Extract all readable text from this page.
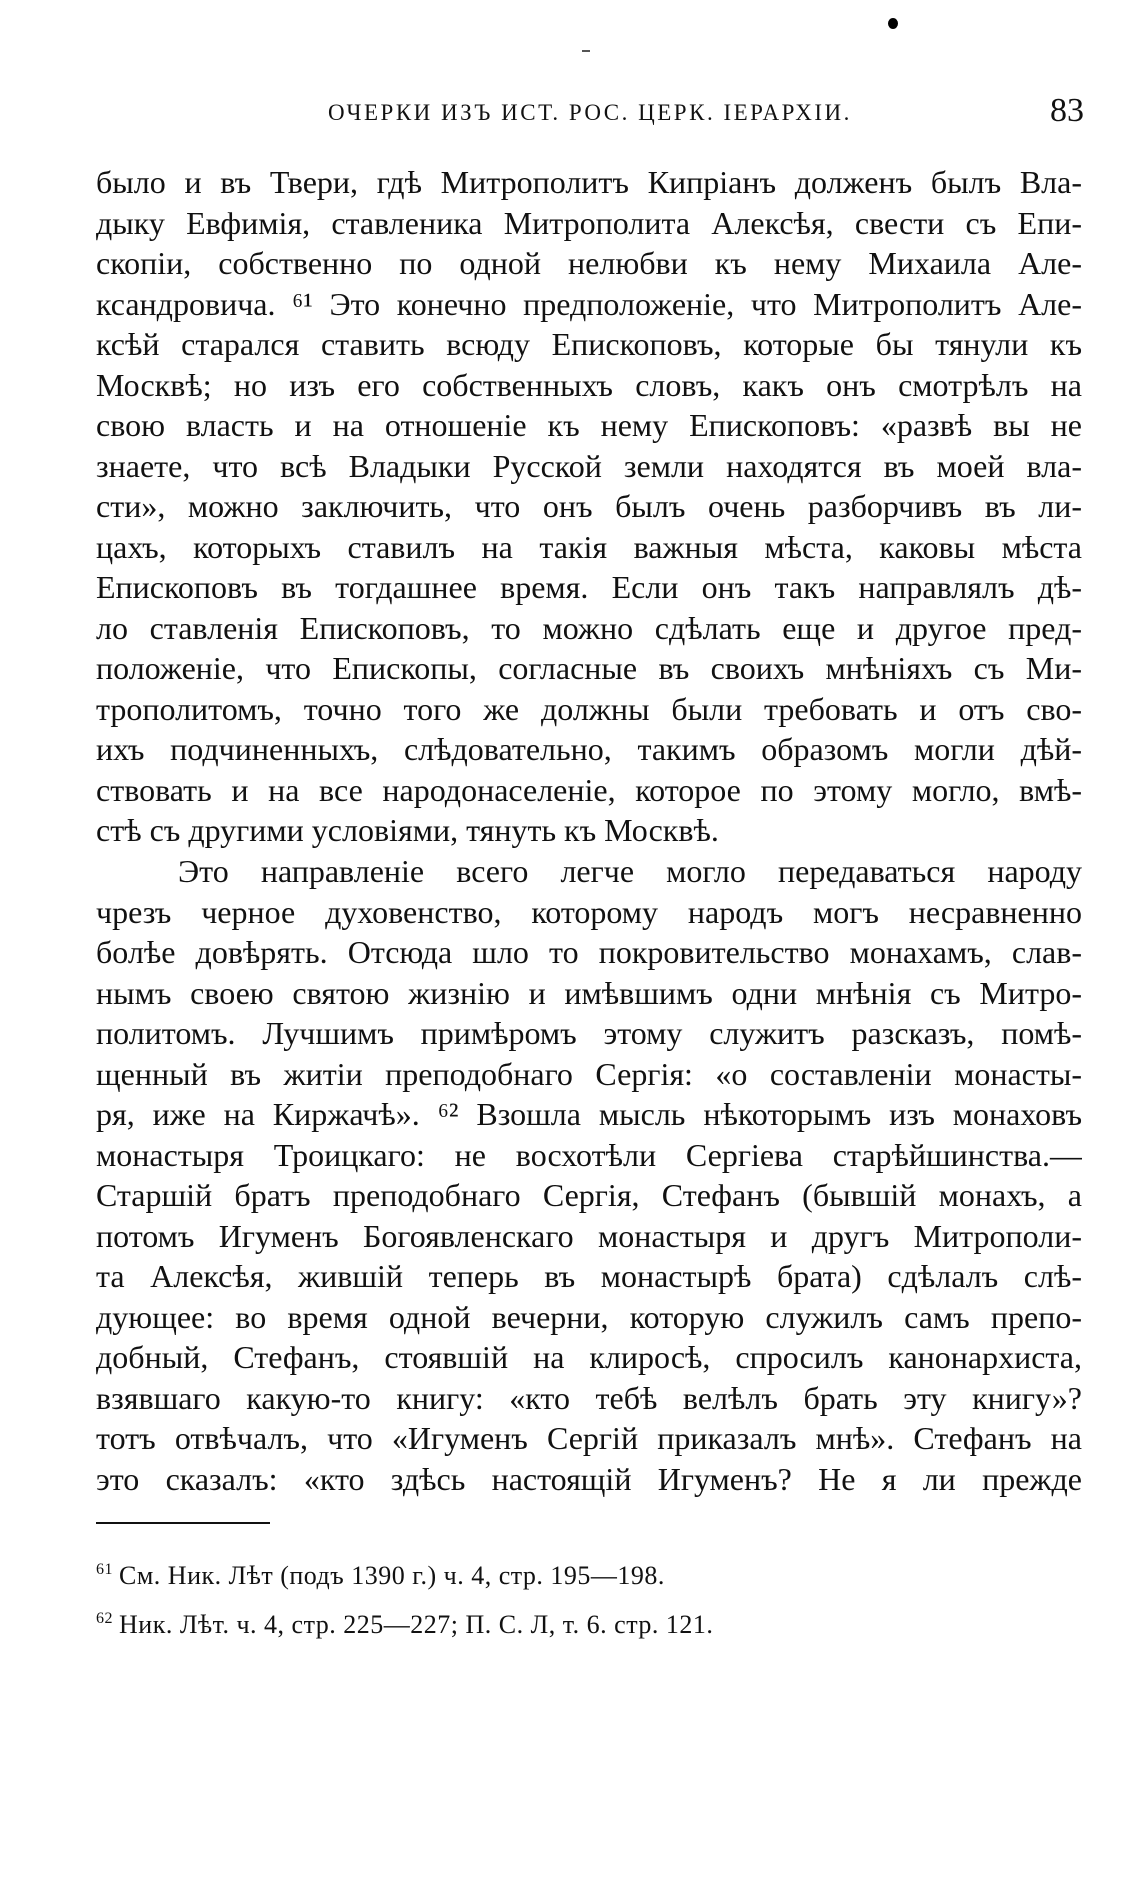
ОЧЕРКИ ИЗЪ ИСТ. РОС. ЦЕРК. ІЕРАРХІИ.	83
было и въ Твери, гдѣ Митрополитъ Кипріанъ долженъ былъ Вла-
дыку Евфимія, ставленика Митрополита Алексѣя, свести съ Епи-
скопіи, собственно по одной нелюбви къ нему Михаила Але-
ксандровича. ⁶¹ Это конечно предположеніе, что Митрополитъ Але-
ксѣй старался ставить всюду Епископовъ, которые бы тянули къ
Москвѣ; но изъ его собственныхъ словъ, какъ онъ смотрѣлъ на
свою власть и на отношеніе къ нему Епископовъ: «развѣ вы не
знаете, что всѣ Владыки Русской земли находятся въ моей вла-
сти», можно заключить, что онъ былъ очень разборчивъ въ ли-
цахъ, которыхъ ставилъ на такія важныя мѣста, каковы мѣста
Епископовъ въ тогдашнее время. Если онъ такъ направлялъ дѣ-
ло ставленія Епископовъ, то можно сдѣлать еще и другое пред-
положеніе, что Епископы, согласные въ своихъ мнѣніяхъ съ Ми-
трополитомъ, точно того же должны были требовать и отъ сво-
ихъ подчиненныхъ, слѣдовательно, такимъ образомъ могли дѣй-
ствовать и на все народонаселеніе, которое по этому могло, вмѣ-
стѣ съ другими условіями, тянуть къ Москвѣ.
Это направленіе всего легче могло передаваться народу
чрезъ черное духовенство, которому народъ могъ несравненно
болѣе довѣрять. Отсюда шло то покровительство монахамъ, слав-
нымъ своею святою жизнію и имѣвшимъ одни мнѣнія съ Митро-
политомъ. Лучшимъ примѣромъ этому служитъ разсказъ, помѣ-
щенный въ житіи преподобнаго Сергія: «о составленіи монасты-
ря, иже на Киржачѣ». ⁶² Взошла мысль нѣкоторымъ изъ монаховъ
монастыря Троицкаго: не восхотѣли Сергіева старѣйшинства.—
Старшій братъ преподобнаго Сергія, Стефанъ (бывшій монахъ, а
потомъ Игуменъ Богоявленскаго монастыря и другъ Митрополи-
та Алексѣя, жившій теперь въ монастырѣ брата) сдѣлалъ слѣ-
дующее: во время одной вечерни, которую служилъ самъ препо-
добный, Стефанъ, стоявшій на клиросѣ, спросилъ канонархиста,
взявшаго какую-то книгу: «кто тебѣ велѣлъ брать эту книгу»?
тотъ отвѣчалъ, что «Игуменъ Сергій приказалъ мнѣ». Стефанъ на
это сказалъ: «кто здѣсь настоящій Игуменъ? Не я ли прежде
$^{61}$ См. Ник. Лѣт (подъ 1390 г.) ч. 4, стр. 195—198.
$^{62}$ Ник. Лѣт. ч. 4, стр. 225—227; П. С. Л, т. 6. стр. 121.
